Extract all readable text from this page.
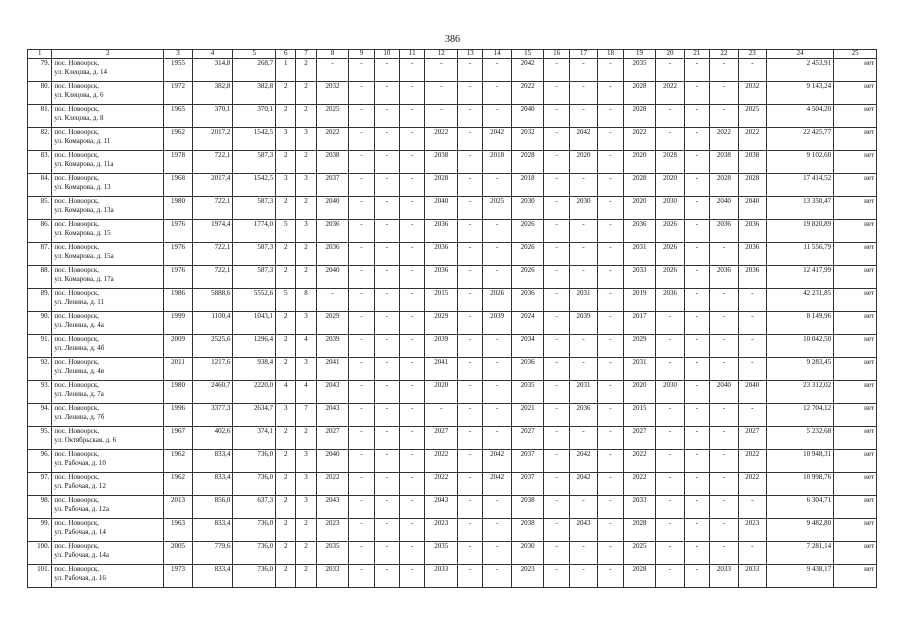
386
1	2	3	4	5	6	7	8	9	10	11	12	13	14	15	16	17	18	19	20	21	22	23	24	25
79.	пос. Новоорск,
ул. Клецова, д. 14	1955	314,8	268,7	1	2	-	-	-	-	-	-	-	2042	-	-	-	2035	-	-	-	-	2 453,91	нет
80.	пос. Новоорск,
ул. Клецова, д. 6	1972	382,8	382,8	2	2	2032	-	-	-	-	-	-	2022	-	-	-	2028	2022	-	-	2032	9 143,24	нет
81.	пос. Новоорск,
ул. Клецова, д. 8	1965	370,1	370,1	2	2	2025	-	-	-	-	-	-	2040	-	-	-	2028	-	-	-	2025	4 504,20	нет
82.	пос. Новоорск,
ул. Комарова, д. 11	1962	2017,2	1542,5	3	3	2022	-	-	-	2022	-	2042	2032	-	2042	-	2022	-	-	2022	2022	22 425,77	нет
83.	пос. Новоорск,
ул. Комарова, д. 11а	1978	722,1	587,3	2	2	2038	-	-	-	2038	-	2018	2028	-	2020	-	2020	2028	-	2038	2038	9 102,60	нет
84.	пос. Новоорск,
ул. Комарова, д. 13	1968	2017,4	1542,5	3	3	2037	-	-	-	2028	-	-	2018	-	-	-	2028	2020	-	2028	2028	17 414,52	нет
85.	пос. Новоорск,
ул. Комарова, д. 13а	1980	722,1	587,3	2	2	2040	-	-	-	2040	-	2025	2030	-	2030	-	2020	2030	-	2040	2040	13 350,47	нет
86.	пос. Новоорск,
ул. Комарова, д. 15	1976	1974,4	1774,0	5	3	2036	-	-	-	2036	-	-	2026	-	-	-	2036	2026	-	2036	2036	19 820,89	нет
87.	пос. Новоорск,
ул. Комарова, д. 15а	1976	722,1	587,3	2	2	2036	-	-	-	2036	-	-	2026	-	-	-	2031	2026	-	-	2036	11 556,79	нет
88.	пос. Новоорск,
ул. Комарова, д. 17а	1976	722,1	587,3	2	2	2040	-	-	-	2036	-	-	2026	-	-	-	2033	2026	-	2036	2036	12 417,99	нет
89.	пос. Новоорск,
ул. Ленина, д. 11	1986	5888,6	5552,6	5	8	-	-	-	-	2015	-	2026	2036	-	2031	-	2019	2036	-	-	-	42 231,85	нет
90.	пос. Новоорск,
ул. Ленина, д. 4а	1999	1100,4	1043,1	2	3	2029	-	-	-	2029	-	2039	2024	-	2039	-	2017	-	-	-	-	8 149,96	нет
91.	пос. Новоорск,
ул. Ленина, д. 4б	2009	2525,6	1296,4	2	4	2039	-	-	-	2039	-	-	2034	-	-	-	2029	-	-	-	-	10 042,50	нет
92.	пос. Новоорск,
ул. Ленина, д. 4в	2011	1217,6	938,4	2	3	2041	-	-	-	2041	-	-	2036	-	-	-	2031	-	-	-	-	9 283,45	нет
93.	пос. Новоорск,
ул. Ленина, д. 7а	1980	2460,7	2220,0	4	4	2043	-	-	-	2020	-	-	2035	-	2031	-	2020	2030	-	2040	2040	23 312,02	нет
94.	пос. Новоорск,
ул. Ленина, д. 7б	1996	3377,3	2634,7	3	7	2043	-	-	-	-	-	-	2021	-	2036	-	2015	-	-	-	-	12 704,12	нет
95.	пос. Новоорск,
ул. Октябрьская, д. 6	1967	402,6	374,1	2	2	2027	-	-	-	2027	-	-	2027	-	-	-	2027	-	-	-	2027	5 232,68	нет
96.	пос. Новоорск,
ул. Рабочая, д. 10	1962	833,4	736,0	2	3	2040	-	-	-	2022	-	2042	2037	-	2042	-	2022	-	-	-	2022	10 948,31	нет
97.	пос. Новоорск,
ул. Рабочая, д. 12	1962	833,4	736,0	2	3	2022	-	-	-	2022	-	2042	2037	-	2042	-	2022	-	-	-	2022	10 998,76	нет
98.	пос. Новоорск,
ул. Рабочая, д. 12а	2013	856,0	637,3	2	3	2043	-	-	-	2043	-	-	2038	-	-	-	2033	-	-	-	-	6 304,71	нет
99.	пос. Новоорск,
ул. Рабочая, д. 14	1963	833,4	736,0	2	2	2023	-	-	-	2023	-	-	2038	-	2043	-	2028	-	-	-	2023	9 482,80	нет
100.	пос. Новоорск,
ул. Рабочая, д. 14а	2005	779,6	736,0	2	2	2035	-	-	-	2035	-	-	2030	-	-	-	2025	-	-	-	-	7 281,14	нет
101.	пос. Новоорск,
ул. Рабочая, д. 16	1973	833,4	736,0	2	2	2033	-	-	-	2033	-	-	2023	-	-	-	2028	-	-	2033	2033	9 438,17	нет
